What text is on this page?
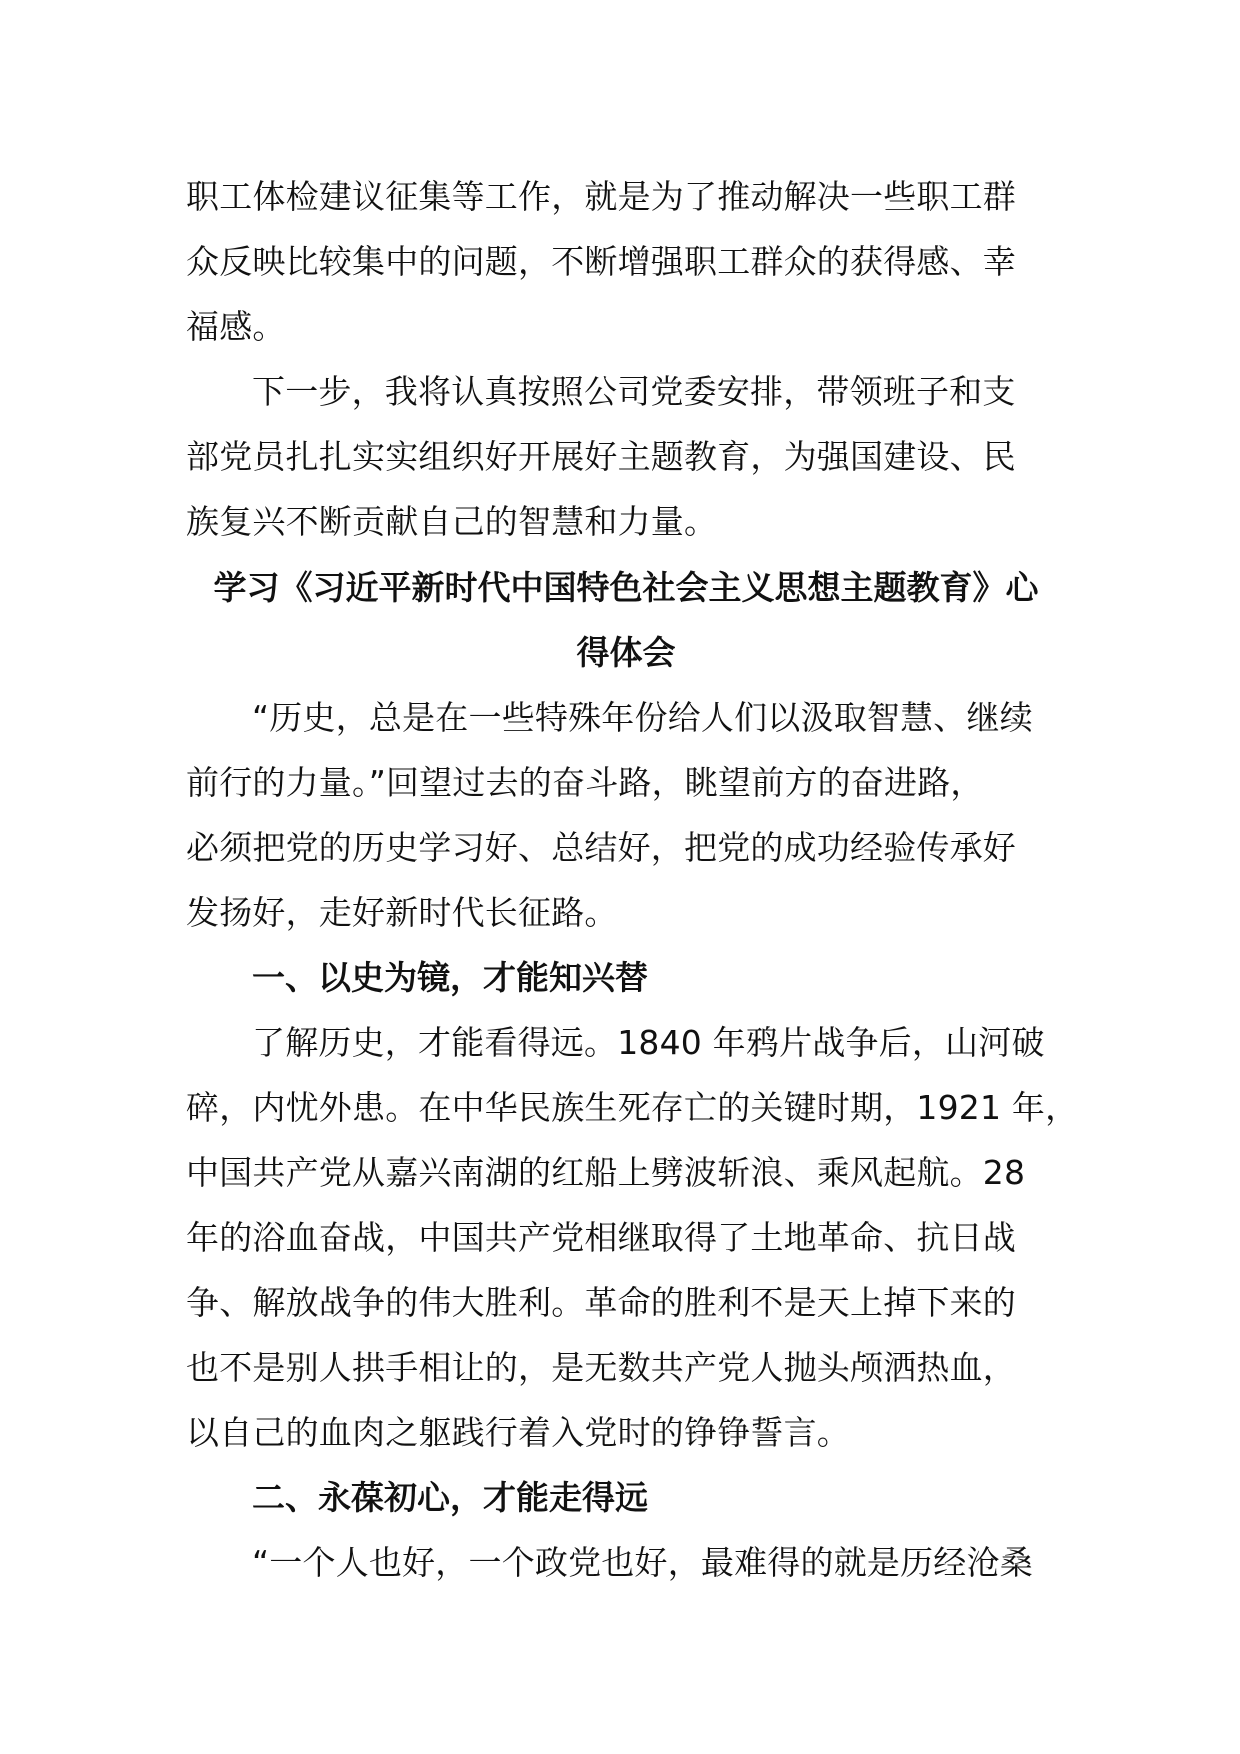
职工体检建议征集等工作，就是为了推动解决一些职工群
众反映比较集中的问题，不断增强职工群众的获得感、幸
福感。
下一步，我将认真按照公司党委安排，带领班子和支
部党员扎扎实实组织好开展好主题教育，为强国建设、民
族复兴不断贡献自己的智慧和力量。
学习《习近平新时代中国特色社会主义思想主题教育》心
得体会
“历史，总是在一些特殊年份给人们以汲取智慧、继续
前行的力量。”回望过去的奋斗路，眺望前方的奋进路，
必须把党的历史学习好、总结好，把党的成功经验传承好
发扬好，走好新时代长征路。
一、以史为镜，才能知兴替
了解历史，才能看得远。1840 年鸦片战争后，山河破
碎，内忧外患。在中华民族生死存亡的关键时期，1921 年，
中国共产党从嘉兴南湖的红船上劈波斩浪、乘风起航。28
年的浴血奋战，中国共产党相继取得了土地革命、抗日战
争、解放战争的伟大胜利。革命的胜利不是天上掉下来的
也不是别人拱手相让的，是无数共产党人抛头颅洒热血，
以自己的血肉之躯践行着入党时的铮铮誓言。
二、永葆初心，才能走得远
“一个人也好，一个政党也好，最难得的就是历经沧桑
